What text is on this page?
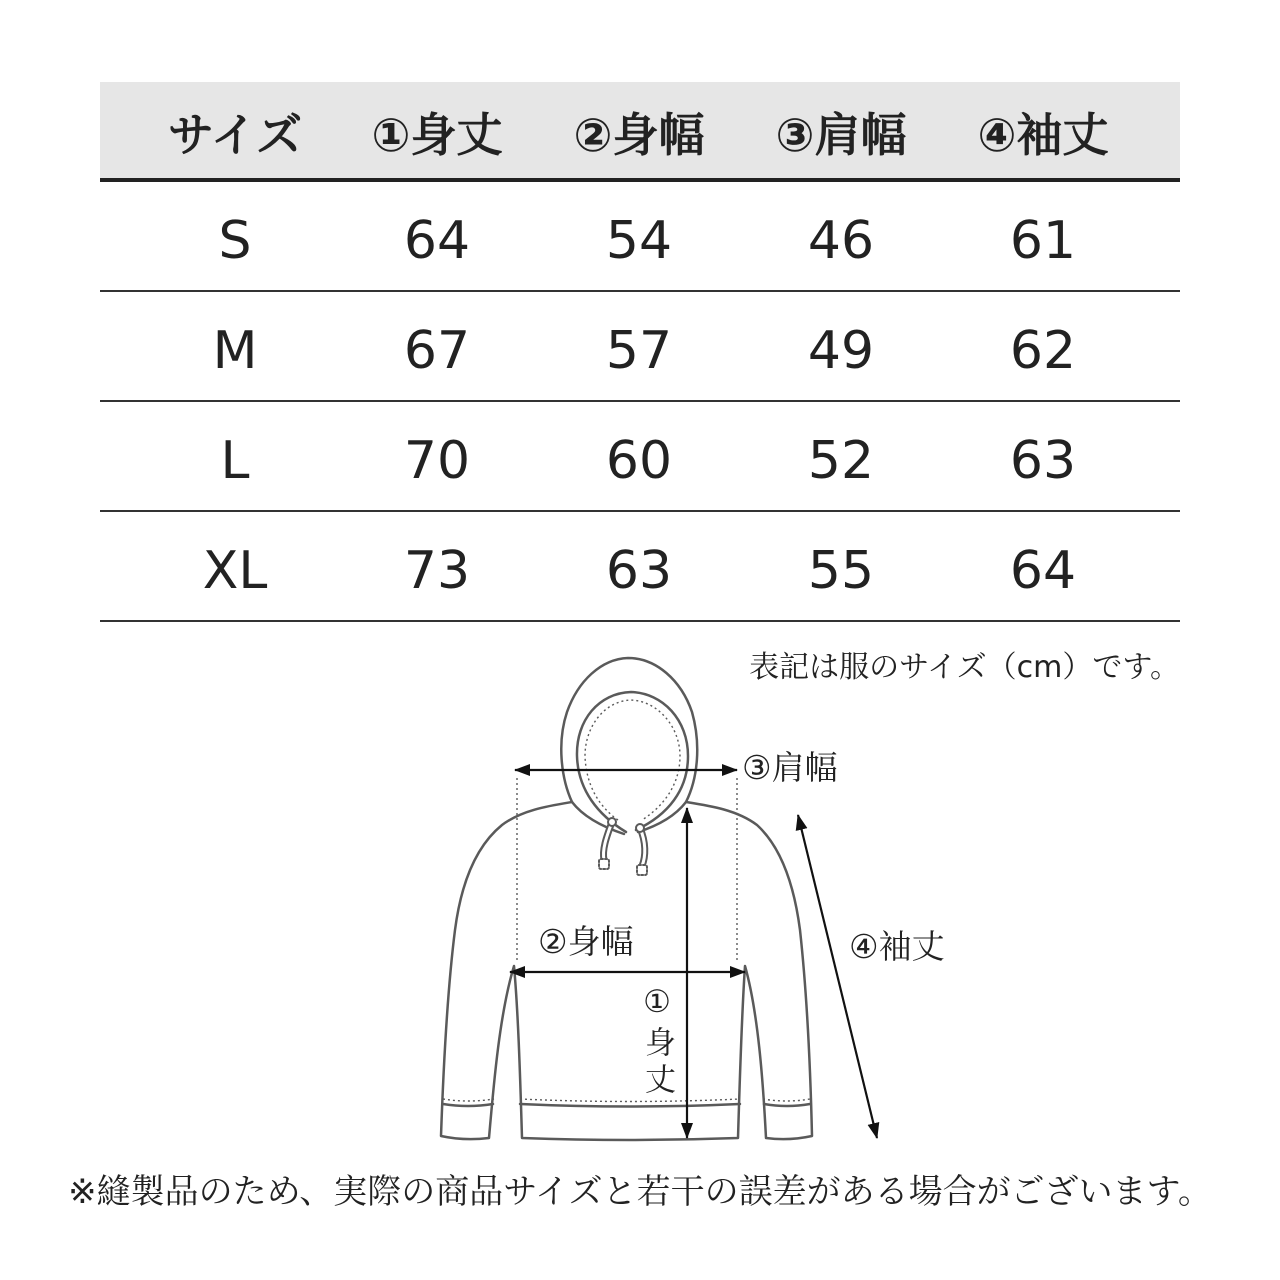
サイズ	①身丈	②身幅	③肩幅	④袖丈
S	64	54	46	61
M	67	57	49	62
L	70	60	52	63
XL	73	63	55	64
表記は服のサイズ（cm）です。
③肩幅
②身幅	④袖丈
①身丈
※縫製品のため、実際の商品サイズと若干の誤差がある場合がございます。
